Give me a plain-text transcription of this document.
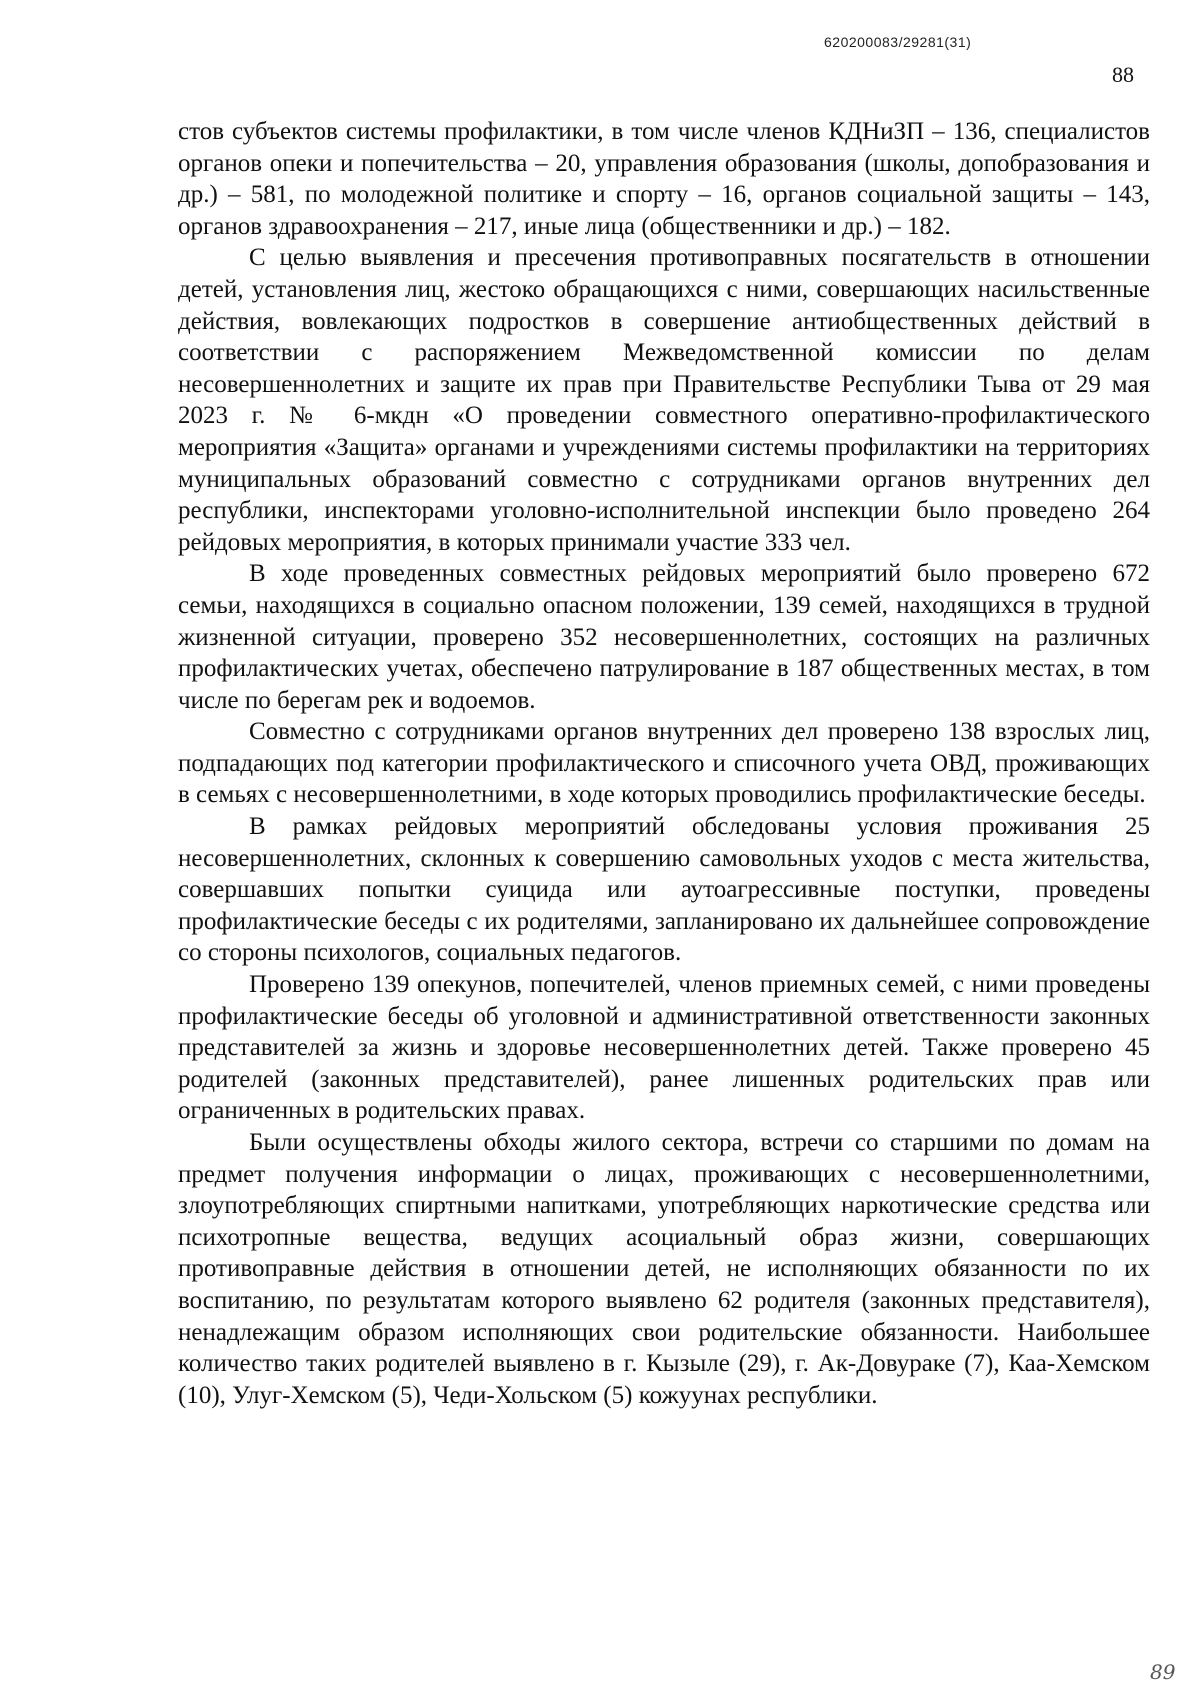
620200083/29281(31)
88

стов субъектов системы профилактики, в том числе членов КДНиЗП – 136, специалистов органов опеки и попечительства – 20, управления образования (школы, допобразования и др.) – 581, по молодежной политике и спорту – 16, органов социальной защиты – 143, органов здравоохранения – 217, иные лица (общественники и др.) – 182.

С целью выявления и пресечения противоправных посягательств в отношении детей, установления лиц, жестоко обращающихся с ними, совершающих насильственные действия, вовлекающих подростков в совершение антиобщественных действий в соответствии с распоряжением Межведомственной комиссии по делам несовершеннолетних и защите их прав при Правительстве Республики Тыва от 29 мая 2023 г. № 6-мкдн «О проведении совместного оперативно-профилактического мероприятия «Защита» органами и учреждениями системы профилактики на территориях муниципальных образований совместно с сотрудниками органов внутренних дел республики, инспекторами уголовно-исполнительной инспекции было проведено 264 рейдовых мероприятия, в которых принимали участие 333 чел.

В ходе проведенных совместных рейдовых мероприятий было проверено 672 семьи, находящихся в социально опасном положении, 139 семей, находящихся в трудной жизненной ситуации, проверено 352 несовершеннолетних, состоящих на различных профилактических учетах, обеспечено патрулирование в 187 общественных местах, в том числе по берегам рек и водоемов.

Совместно с сотрудниками органов внутренних дел проверено 138 взрослых лиц, подпадающих под категории профилактического и списочного учета ОВД, проживающих в семьях с несовершеннолетними, в ходе которых проводились профилактические беседы.

В рамках рейдовых мероприятий обследованы условия проживания 25 несовершеннолетних, склонных к совершению самовольных уходов с места жительства, совершавших попытки суицида или аутоагрессивные поступки, проведены профилактические беседы с их родителями, запланировано их дальнейшее сопровождение со стороны психологов, социальных педагогов.

Проверено 139 опекунов, попечителей, членов приемных семей, с ними проведены профилактические беседы об уголовной и административной ответственности законных представителей за жизнь и здоровье несовершеннолетних детей. Также проверено 45 родителей (законных представителей), ранее лишенных родительских прав или ограниченных в родительских правах.

Были осуществлены обходы жилого сектора, встречи со старшими по домам на предмет получения информации о лицах, проживающих с несовершеннолетними, злоупотребляющих спиртными напитками, употребляющих наркотические средства или психотропные вещества, ведущих асоциальный образ жизни, совершающих противоправные действия в отношении детей, не исполняющих обязанности по их воспитанию, по результатам которого выявлено 62 родителя (законных представителя), ненадлежащим образом исполняющих свои родительские обязанности. Наибольшее количество таких родителей выявлено в г. Кызыле (29), г. Ак-Довураке (7), Каа-Хемском (10), Улуг-Хемском (5), Чеди-Хольском (5) кожуунах республики.

89
